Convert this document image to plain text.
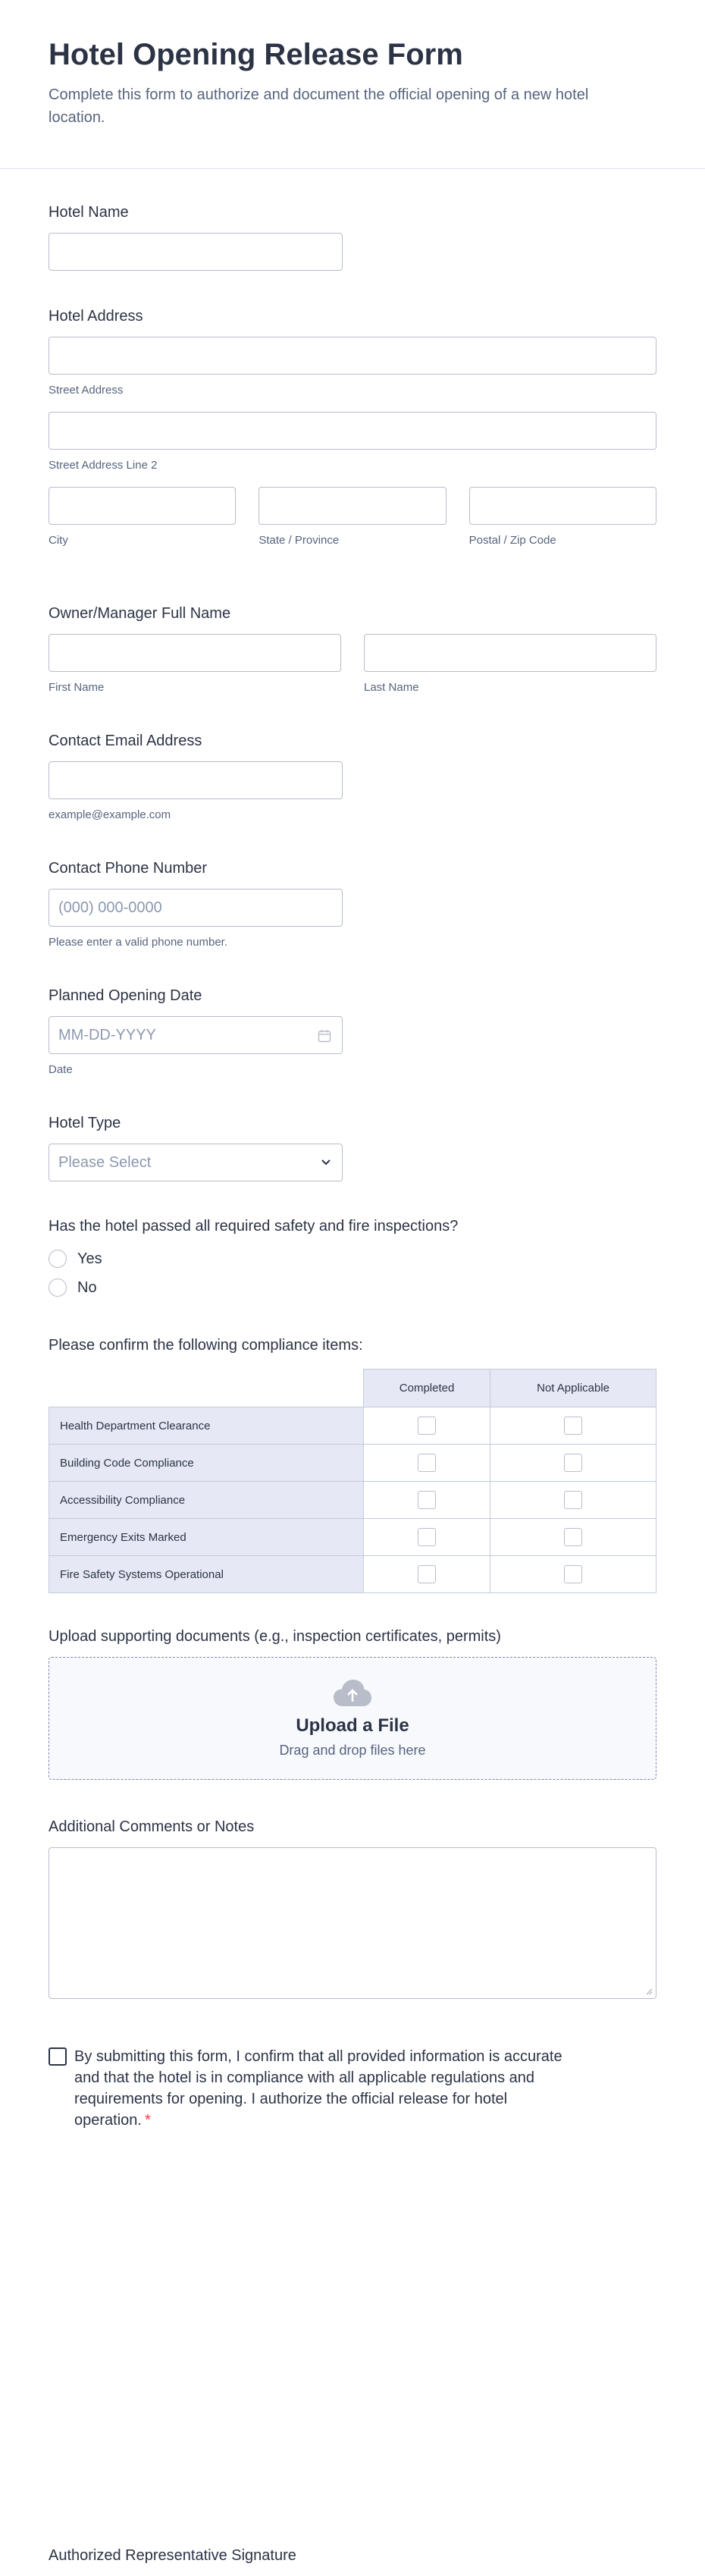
Hotel Opening Release Form

Complete this form to authorize and document the official opening of a new hotel location.

Hotel Name
Hotel Address
Street Address
Street Address Line 2
City	State / Province	Postal / Zip Code
Owner/Manager Full Name
First Name	Last Name
Contact Email Address
example@example.com
Contact Phone Number
(000) 000-0000
Please enter a valid phone number.
Planned Opening Date
MM-DD-YYYY
Date
Hotel Type
Please Select
Has the hotel passed all required safety and fire inspections?
Yes
No
Please confirm the following compliance items:
	Completed	Not Applicable
Health Department Clearance		
Building Code Compliance		
Accessibility Compliance		
Emergency Exits Marked		
Fire Safety Systems Operational		
Upload supporting documents (e.g., inspection certificates, permits)
Upload a File
Drag and drop files here
Additional Comments or Notes
By submitting this form, I confirm that all provided information is accurate and that the hotel is in compliance with all applicable regulations and requirements for opening. I authorize the official release for hotel operation. *
Authorized Representative Signature
